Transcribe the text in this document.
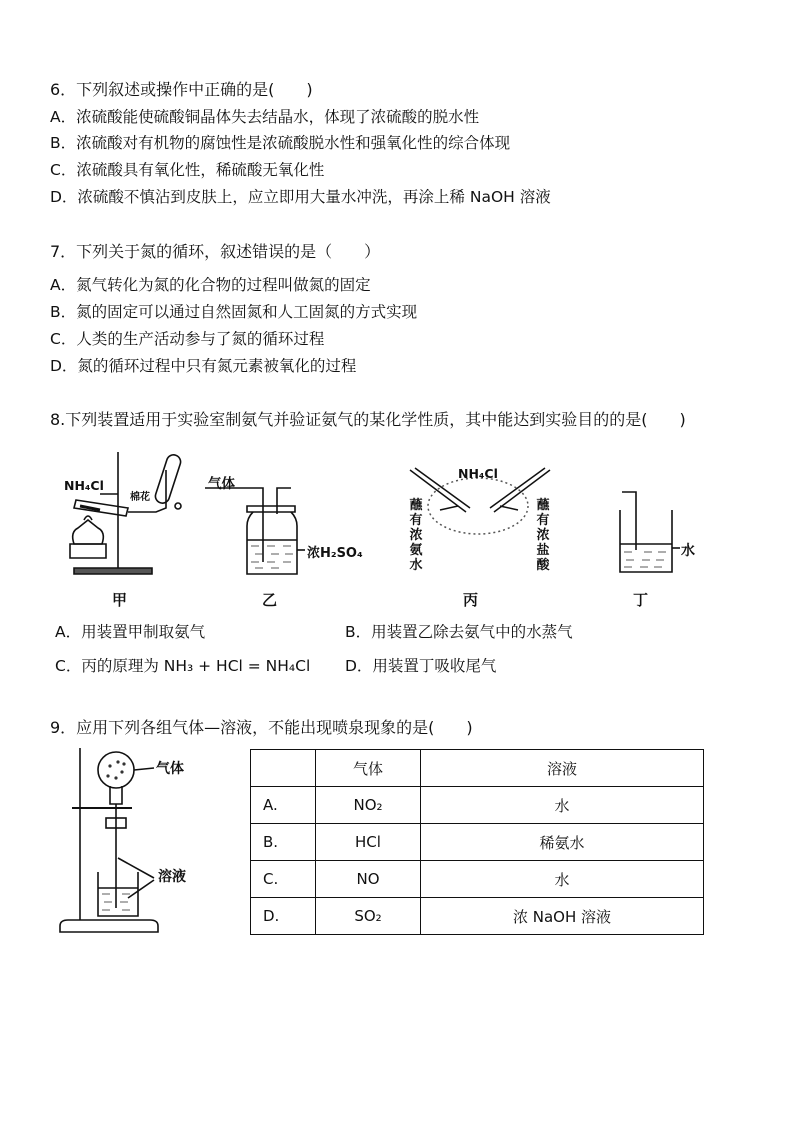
6．下列叙述或操作中正确的是(　　)
A．浓硫酸能使硫酸铜晶体失去结晶水，体现了浓硫酸的脱水性
B．浓硫酸对有机物的腐蚀性是浓硫酸脱水性和强氧化性的综合体现
C．浓硫酸具有氧化性，稀硫酸无氧化性
D．浓硫酸不慎沾到皮肤上，应立即用大量水冲洗，再涂上稀 NaOH 溶液
7．下列关于氮的循环，叙述错误的是（　　）
A．氮气转化为氮的化合物的过程叫做氮的固定
B．氮的固定可以通过自然固氮和人工固氮的方式实现
C．人类的生产活动参与了氮的循环过程
D．氮的循环过程中只有氮元素被氧化的过程
8.下列装置适用于实验室制氨气并验证氨气的某化学性质，其中能达到实验目的的是(　　)
NH₄Cl
棉花
甲
气体
浓H₂SO₄
乙
NH₄Cl
蘸有浓氨水
蘸有浓盐酸
丙
水
丁
A．用装置甲制取氨气	B．用装置乙除去氨气中的水蒸气
C．丙的原理为 NH₃ + HCl = NH₄Cl D．用装置丁吸收尾气
9．应用下列各组气体—溶液，不能出现喷泉现象的是(　　)
气体
溶液
	气体	溶液
A.	NO₂	水
B.	HCl	稀氨水
C.	NO	水
D.	SO₂	浓 NaOH 溶液
